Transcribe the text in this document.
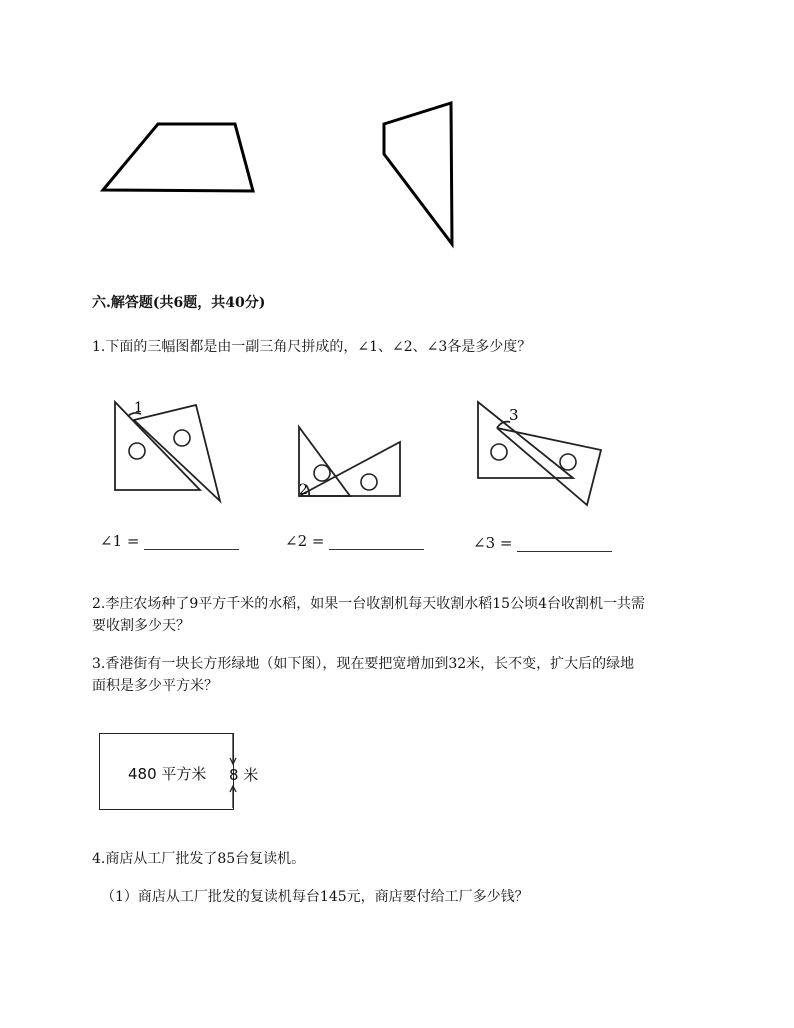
六.解答题(共6题，共40分)
1.下面的三幅图都是由一副三角尺拼成的，∠1、∠2、∠3各是多少度？
1
2
3
∠1 =	∠2 =	∠3 =
2.李庄农场种了9平方千米的水稻，如果一台收割机每天收割水稻15公顷4台收割机一共需
要收割多少天？
3.香港街有一块长方形绿地（如下图），现在要把宽增加到32米，长不变，扩大后的绿地
面积是多少平方米？
480 平方米 8 米
4.商店从工厂批发了85台复读机。
（1）商店从工厂批发的复读机每台145元，商店要付给工厂多少钱？
